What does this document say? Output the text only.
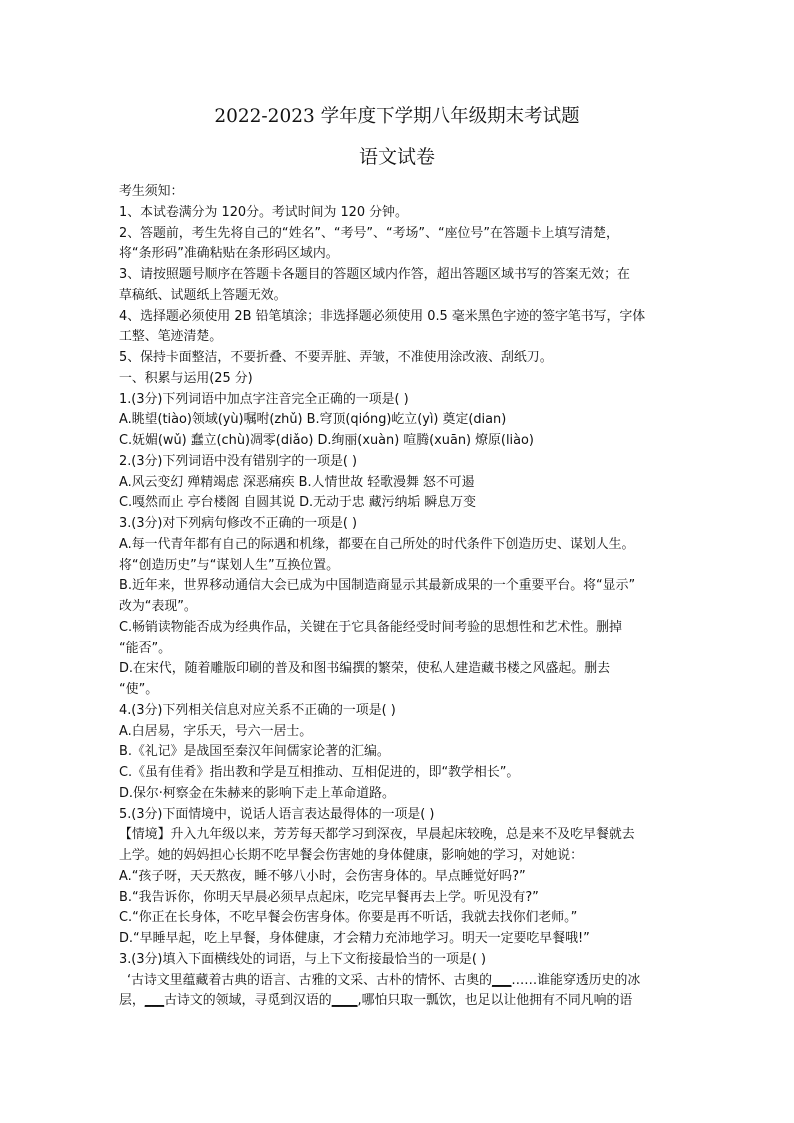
2022-2023 学年度下学期八年级期末考试题
语文试卷
考生须知：
1、本试卷满分为 120分。考试时间为 120 分钟。
2、答题前，考生先将自己的“姓名”、“考号”、“考场”、“座位号”在答题卡上填写清楚，
将“条形码”准确粘贴在条形码区域内。
3、请按照题号顺序在答题卡各题目的答题区域内作答，超出答题区域书写的答案无效；在
草稿纸、试题纸上答题无效。
4、选择题必须使用 2B 铅笔填涂；非选择题必须使用 0.5 毫米黑色字迹的签字笔书写，字体
工整、笔迹清楚。
5、保持卡面整洁，不要折叠、不要弄脏、弄皱，不准使用涂改液、刮纸刀。
一、积累与运用(25 分)
1.(3分)下列词语中加点字注音完全正确的一项是( )
A.眺望(tiào)领域(yù)嘱咐(zhǔ) B.穹顶(qióng)屹立(yì) 奠定(dian)
C.妩媚(wǔ) 蠢立(chù)凋零(diǎo) D.绚丽(xuàn) 喧腾(xuān) 燎原(liào)
2.(3分)下列词语中没有错别字的一项是( )
A.风云变幻 殚精竭虑 深恶痛疾 B.人情世故 轻歌漫舞 怒不可遏
C.嘎然而止 亭台楼阁 自圆其说 D.无动于忠 藏污纳垢 瞬息万变
3.(3分)对下列病句修改不正确的一项是( )
A.每一代青年都有自己的际遇和机缘，都要在自己所处的时代条件下创造历史、谋划人生。
将“创造历史”与“谋划人生”互换位置。
B.近年来，世界移动通信大会已成为中国制造商显示其最新成果的一个重要平台。将“显示”
改为“表现”。
C.畅销读物能否成为经典作品，关键在于它具备能经受时间考验的思想性和艺术性。删掉
“能否”。
D.在宋代，随着雕版印刷的普及和图书编撰的繁荣，使私人建造藏书楼之风盛起。删去
“使”。
4.(3分)下列相关信息对应关系不正确的一项是( )
A.白居易，字乐天，号六一居士。
B.《礼记》是战国至秦汉年间儒家论著的汇编。
C.《虽有佳肴》指出教和学是互相推动、互相促进的，即“教学相长”。
D.保尔·柯察金在朱赫来的影响下走上革命道路。
5.(3分)下面情境中，说话人语言表达最得体的一项是( )
【情境】升入九年级以来，芳芳每天都学习到深夜，早晨起床较晚，总是来不及吃早餐就去
上学。她的妈妈担心长期不吃早餐会伤害她的身体健康，影响她的学习，对她说：
A.“孩子呀，天天熬夜，睡不够八小时，会伤害身体的。早点睡觉好吗?”
B.“我告诉你，你明天早晨必须早点起床，吃完早餐再去上学。听见没有?”
C.“你正在长身体，不吃早餐会伤害身体。你要是再不听话，我就去找你们老师。”
D.“早睡早起，吃上早餐，身体健康，才会精力充沛地学习。明天一定要吃早餐哦!”
3.(3分)填入下面横线处的词语，与上下文衔接最恰当的一项是( )
‘古诗文里蕴藏着古典的语言、古雅的文采、古朴的情怀、古奥的___……谁能穿透历史的冰
层，___古诗文的领域，寻觅到汉语的____,哪怕只取一瓢饮，也足以让他拥有不同凡响的语
